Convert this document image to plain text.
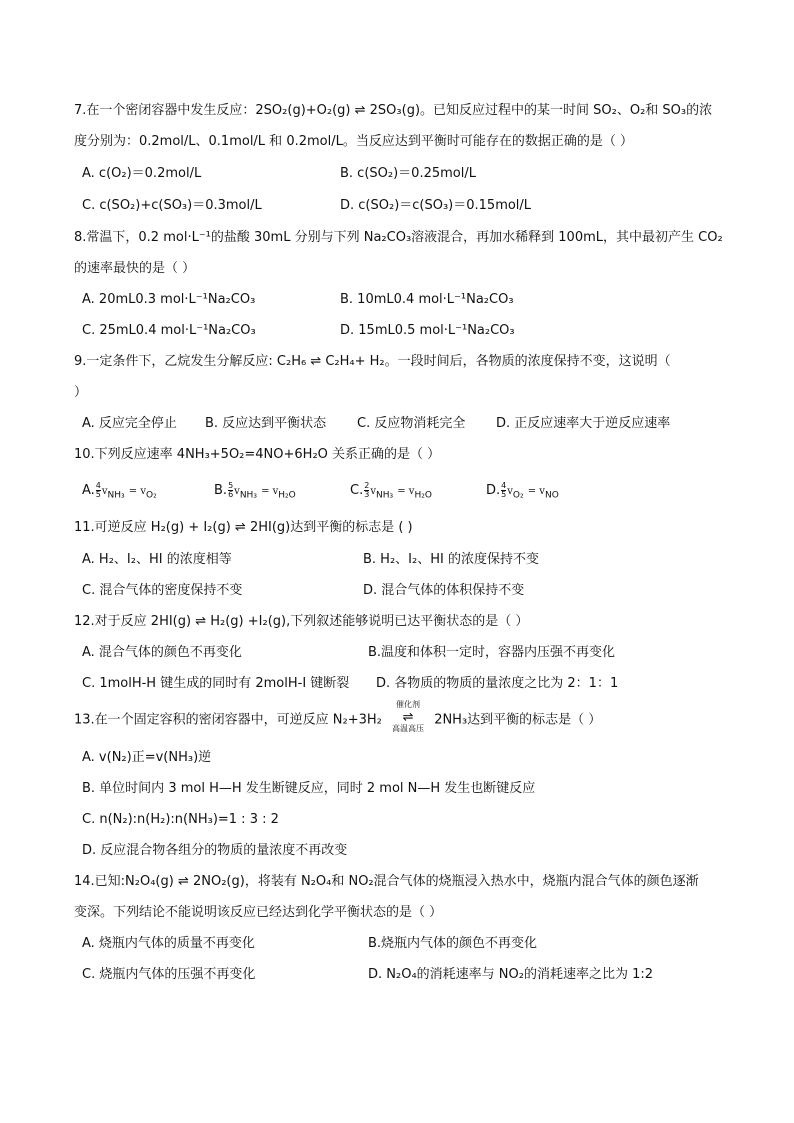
7.在一个密闭容器中发生反应：2SO₂(g)+O₂(g) ⇌ 2SO₃(g)。已知反应过程中的某一时间 SO₂、O₂和 SO₃的浓
度分别为：0.2mol/L、0.1mol/L 和 0.2mol/L。当反应达到平衡时可能存在的数据正确的是（ ）
A. c(O₂)＝0.2mol/L	B. c(SO₂)＝0.25mol/L
C. c(SO₂)+c(SO₃)＝0.3mol/L	D. c(SO₂)＝c(SO₃)＝0.15mol/L
8.常温下，0.2 mol·L⁻¹的盐酸 30mL 分别与下列 Na₂CO₃溶液混合，再加水稀释到 100mL，其中最初产生 CO₂
的速率最快的是（ ）
A. 20mL0.3 mol·L⁻¹Na₂CO₃	B. 10mL0.4 mol·L⁻¹Na₂CO₃
C. 25mL0.4 mol·L⁻¹Na₂CO₃	D. 15mL0.5 mol·L⁻¹Na₂CO₃
9.一定条件下，乙烷发生分解反应: C₂H₆ ⇌ C₂H₄+ H₂。一段时间后，各物质的浓度保持不变，这说明（
）
A. 反应完全停止 B. 反应达到平衡状态 C. 反应物消耗完全 D. 正反应速率大于逆反应速率
10.下列反应速率 4NH₃+5O₂=4NO+6H₂O 关系正确的是（ ）
A. $\frac{4}{5} v_{NH_3} = v_{O_2}$	B. $\frac{5}{6} v_{NH_3} = v_{H_2O}$	C. $\frac{2}{3} v_{NH_3} = v_{H_2O}$	D. $\frac{4}{5} v_{O_2} = v_{NO}$
11.可逆反应 H₂(g) + I₂(g) ⇌ 2HI(g)达到平衡的标志是 ( )
A. H₂、I₂、HI 的浓度相等	B. H₂、I₂、HI 的浓度保持不变
C. 混合气体的密度保持不变	D. 混合气体的体积保持不变
12.对于反应 2HI(g) ⇌ H₂(g) +I₂(g),下列叙述能够说明已达平衡状态的是（ ）
A. 混合气体的颜色不再变化	B.温度和体积一定时，容器内压强不再变化
C. 1molH-H 键生成的同时有 2molH-I 键断裂 D. 各物质的物质的量浓度之比为 2：1：1
13.在一个固定容积的密闭容器中，可逆反应 N₂+3H₂
催化剂
⇌
高温高压
2NH₃达到平衡的标志是（ ）
A. v(N₂)正=v(NH₃)逆
B. 单位时间内 3 mol H—H 发生断键反应，同时 2 mol N—H 发生也断键反应
C. n(N₂):n(H₂):n(NH₃)=1 : 3 : 2
D. 反应混合物各组分的物质的量浓度不再改变
14.已知:N₂O₄(g) ⇌ 2NO₂(g)，将装有 N₂O₄和 NO₂混合气体的烧瓶浸入热水中，烧瓶内混合气体的颜色逐渐
变深。下列结论不能说明该反应已经达到化学平衡状态的是（ ）
A. 烧瓶内气体的质量不再变化	B.烧瓶内气体的颜色不再变化
C. 烧瓶内气体的压强不再变化	D. N₂O₄的消耗速率与 NO₂的消耗速率之比为 1:2
